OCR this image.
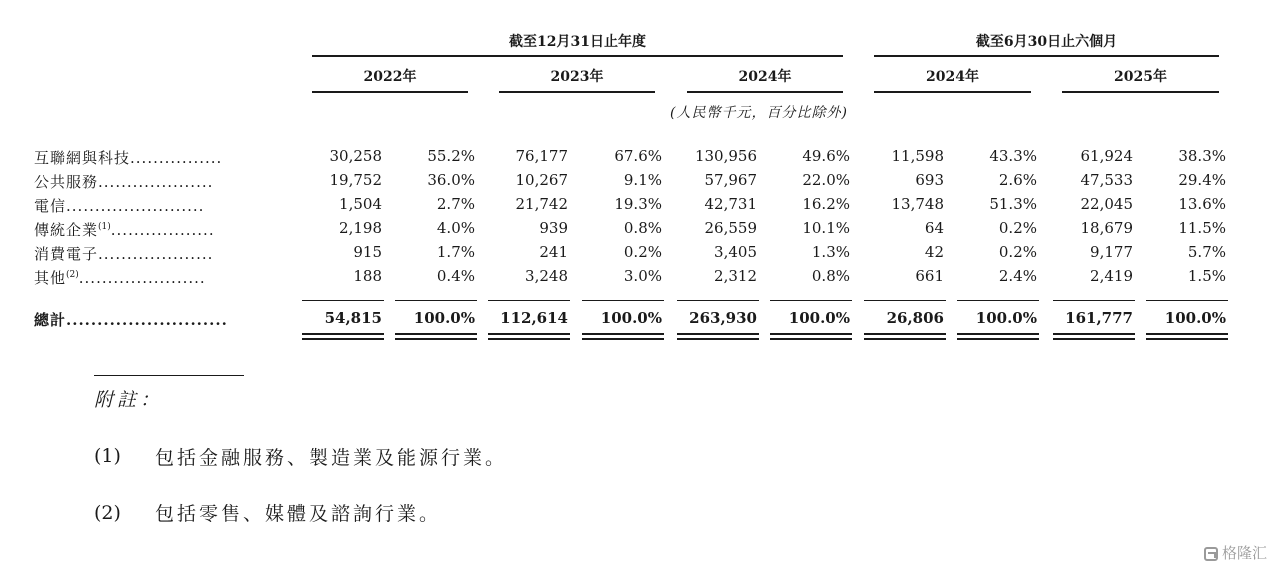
截至12月31日止年度	截至6月30日止六個月
2022年	2023年	2024年	2024年	2025年
(人民幣千元，百分比除外)
互聯網與科技................	30,258	55.2%	76,177	67.6%	130,956	49.6%	11,598	43.3%	61,924	38.3%
公共服務....................	19,752	36.0%	10,267	9.1%	57,967	22.0%	693	2.6%	47,533	29.4%
電信........................	1,504	2.7%	21,742	19.3%	42,731	16.2%	13,748	51.3%	22,045	13.6%
傳統企業$^{(1)}$..................	2,198	4.0%	939	0.8%	26,559	10.1%	64	0.2%	18,679	11.5%
消費電子....................	915	1.7%	241	0.2%	3,405	1.3%	42	0.2%	9,177	5.7%
其他$^{(2)}$......................	188	0.4%	3,248	3.0%	2,312	0.8%	661	2.4%	2,419	1.5%
總計..........................	54,815	100.0%	112,614	100.0%	263,930	100.0%	26,806	100.0%	161,777	100.0%
附註：
(1) 包括金融服務、製造業及能源行業。
(2) 包括零售、媒體及諮詢行業。
格隆汇
